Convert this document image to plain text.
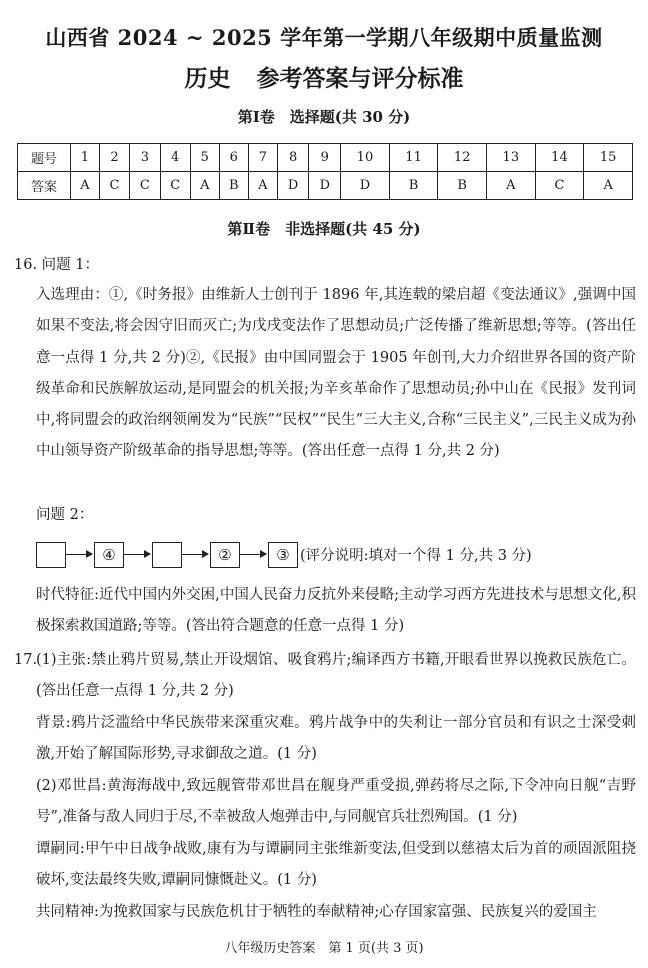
山西省 2024 ~ 2025 学年第一学期八年级期中质量监测
历史 参考答案与评分标准
第Ⅰ卷　选择题(共 30 分)
题号	1	2	3	4	5	6	7	8	9	10	11	12	13	14	15
答案	A	C	C	C	A	B	A	D	D	D	B	B	A	C	A
第Ⅱ卷　非选择题(共 45 分)
16. 问题 1：
入选理由：①,《时务报》由维新人士创刊于 1896 年,其连载的梁启超《变法通议》,强调中国如果不变法,将会因守旧而灭亡;为戊戌变法作了思想动员;广泛传播了维新思想;等等。(答出任意一点得 1 分,共 2 分)②,《民报》由中国同盟会于 1905 年创刊,大力介绍世界各国的资产阶级革命和民族解放运动,是同盟会的机关报;为辛亥革命作了思想动员;孙中山在《民报》发刊词中,将同盟会的政治纲领阐发为“民族”“民权”“民生”三大主义,合称“三民主义”,三民主义成为孙中山领导资产阶级革命的指导思想;等等。(答出任意一点得 1 分,共 2 分)
问题 2：
④	②	③ (评分说明:填对一个得 1 分,共 3 分)
时代特征:近代中国内外交困,中国人民奋力反抗外来侵略;主动学习西方先进技术与思想文化,积极探索救国道路;等等。(答出符合题意的任意一点得 1 分)
17.
(1)主张:禁止鸦片贸易,禁止开设烟馆、吸食鸦片;编译西方书籍,开眼看世界以挽救民族危亡。(答出任意一点得 1 分,共 2 分)
背景:鸦片泛滥给中华民族带来深重灾难。鸦片战争中的失利让一部分官员和有识之士深受刺激,开始了解国际形势,寻求御敌之道。(1 分)
(2)邓世昌:黄海海战中,致远舰管带邓世昌在舰身严重受损,弹药将尽之际,下令冲向日舰“吉野号”,准备与敌人同归于尽,不幸被敌人炮弹击中,与同舰官兵壮烈殉国。(1 分)
谭嗣同:甲午中日战争战败,康有为与谭嗣同主张维新变法,但受到以慈禧太后为首的顽固派阻挠破坏,变法最终失败,谭嗣同慷慨赴义。(1 分)
共同精神:为挽救国家与民族危机甘于牺牲的奉献精神;心存国家富强、民族复兴的爱国主
八年级历史答案　第 1 页(共 3 页)
